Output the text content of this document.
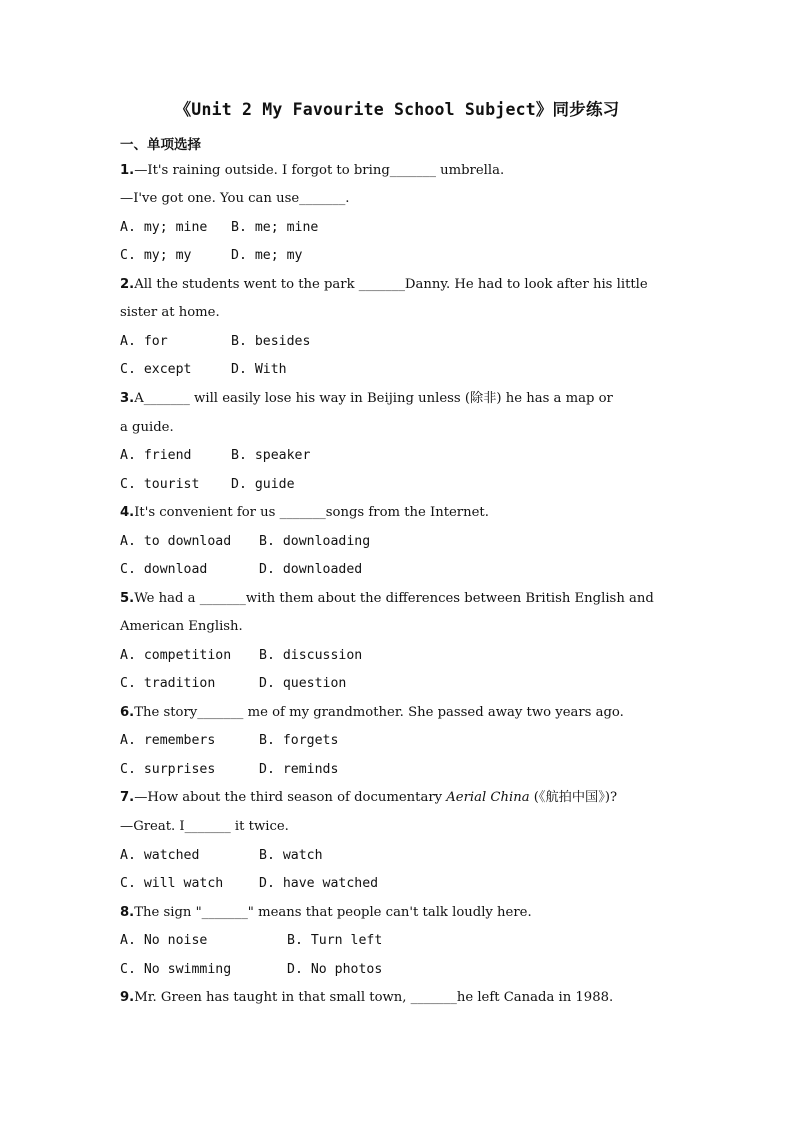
《Unit 2 My Favourite School Subject》同步练习
一、单项选择
1.—It's raining outside. I forgot to bring_______ umbrella.
—I've got one. You can use_______.
A. my; mine B. me; mine
C. my; my	D. me; my
2.All the students went to the park _______Danny. He had to look after his little
sister at home.
A. for	B. besides
C. except	D. With
3.A_______ will easily lose his way in Beijing unless (除非) he has a map or
a guide.
A. friend	B. speaker
C. tourist D. guide
4.It's convenient for us _______songs from the Internet.
A. to download B. downloading
C. download	D. downloaded
5.We had a _______with them about the differences between British English and
American English.
A. competition B. discussion
C. tradition	D. question
6.The story_______ me of my grandmother. She passed away two years ago.
A. remembers	B. forgets
C. surprises	D. reminds
7.—How about the third season of documentary Aerial China (《航拍中国》)?
—Great. I_______ it twice.
A. watched	B. watch
C. will watch	D. have watched
8.The sign "_______" means that people can't talk loudly here.
A. No noise	B. Turn left
C. No swimming	D. No photos
9.Mr. Green has taught in that small town, _______he left Canada in 1988.
